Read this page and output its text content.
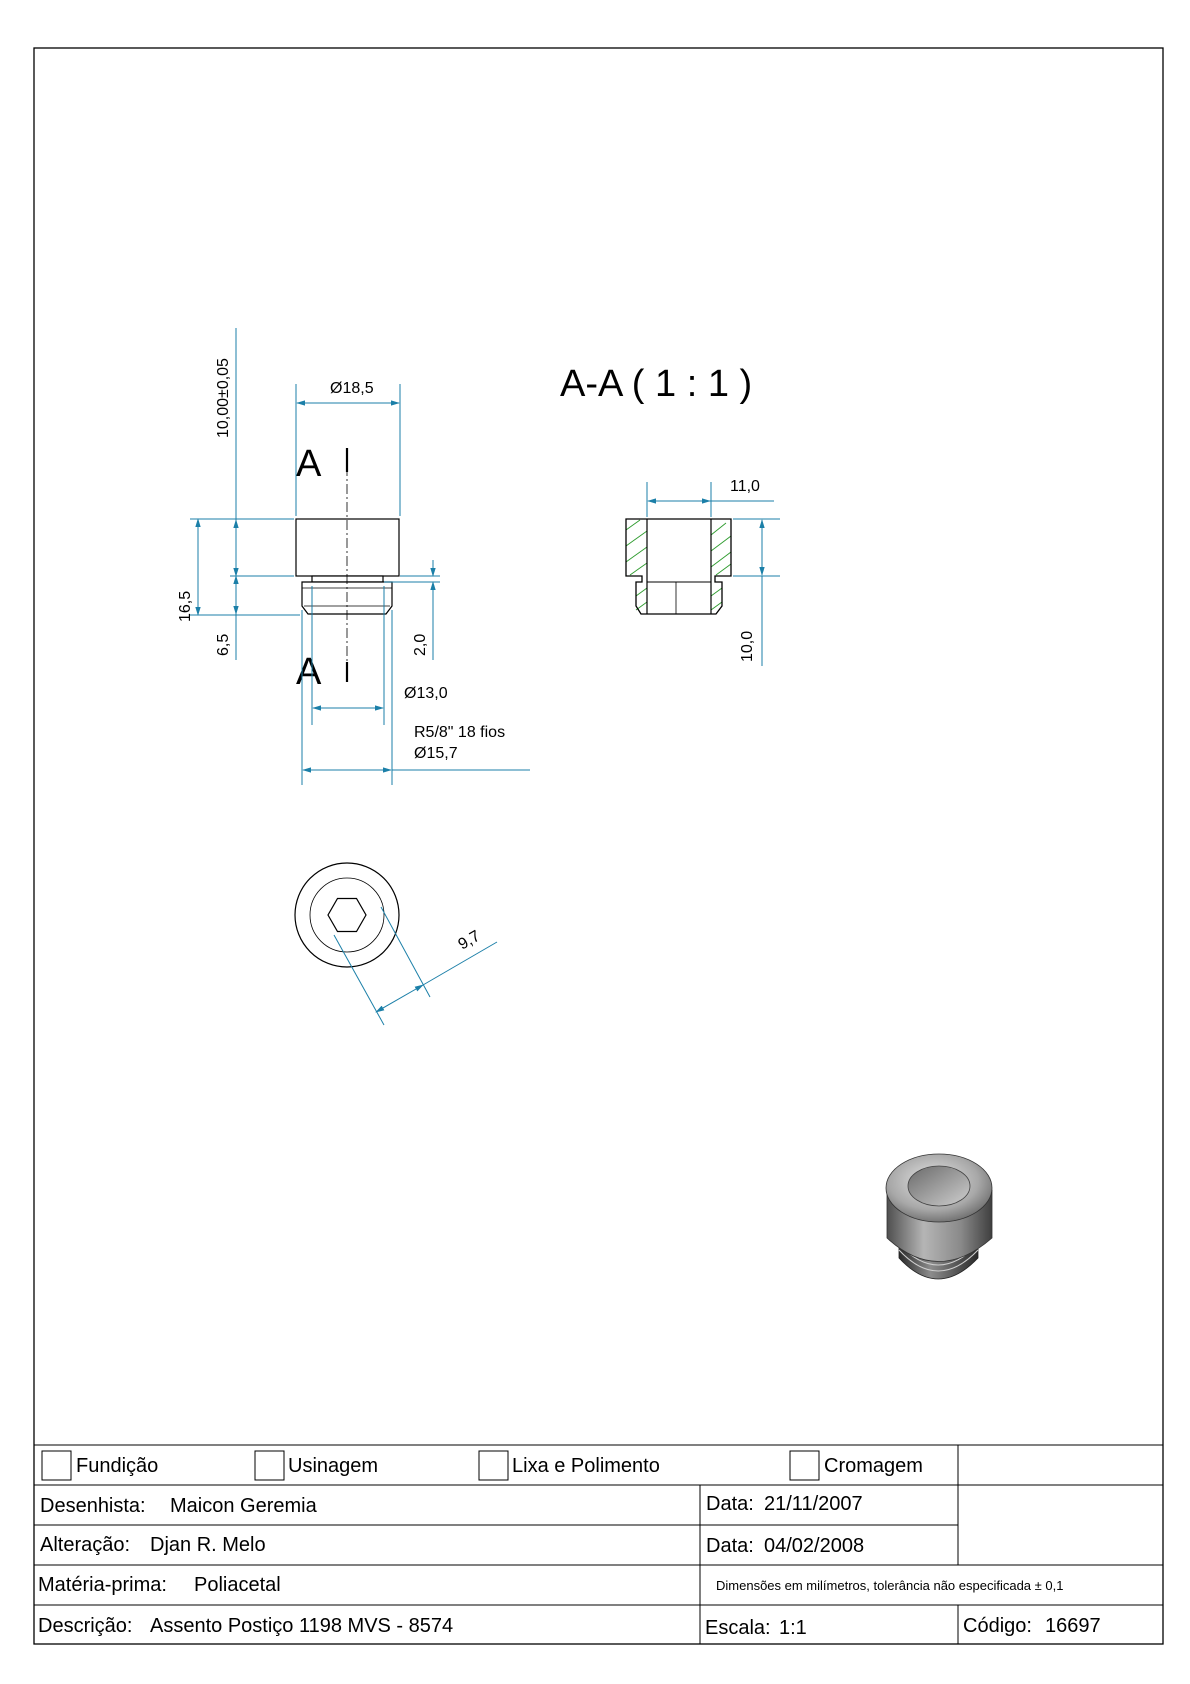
A
A
Ø18,5
10,00±0,05
16,5
6,5	2,0
Ø13,0
R5/8" 18 fios
Ø15,7
A-A ( 1 : 1 )
11,0
10,0
9,7
Fundição	Usinagem	Lixa e Polimento	Cromagem
Desenhista: Maicon Geremia	Data: 21/11/2007
Alteração: Djan R. Melo	Data: 04/02/2008
Matéria-prima: Poliacetal	Dimensões em milímetros, tolerância não especificada ± 0,1
Descrição: Assento Postiço 1198 MVS - 8574	Escala: 1:1	Código: 16697
